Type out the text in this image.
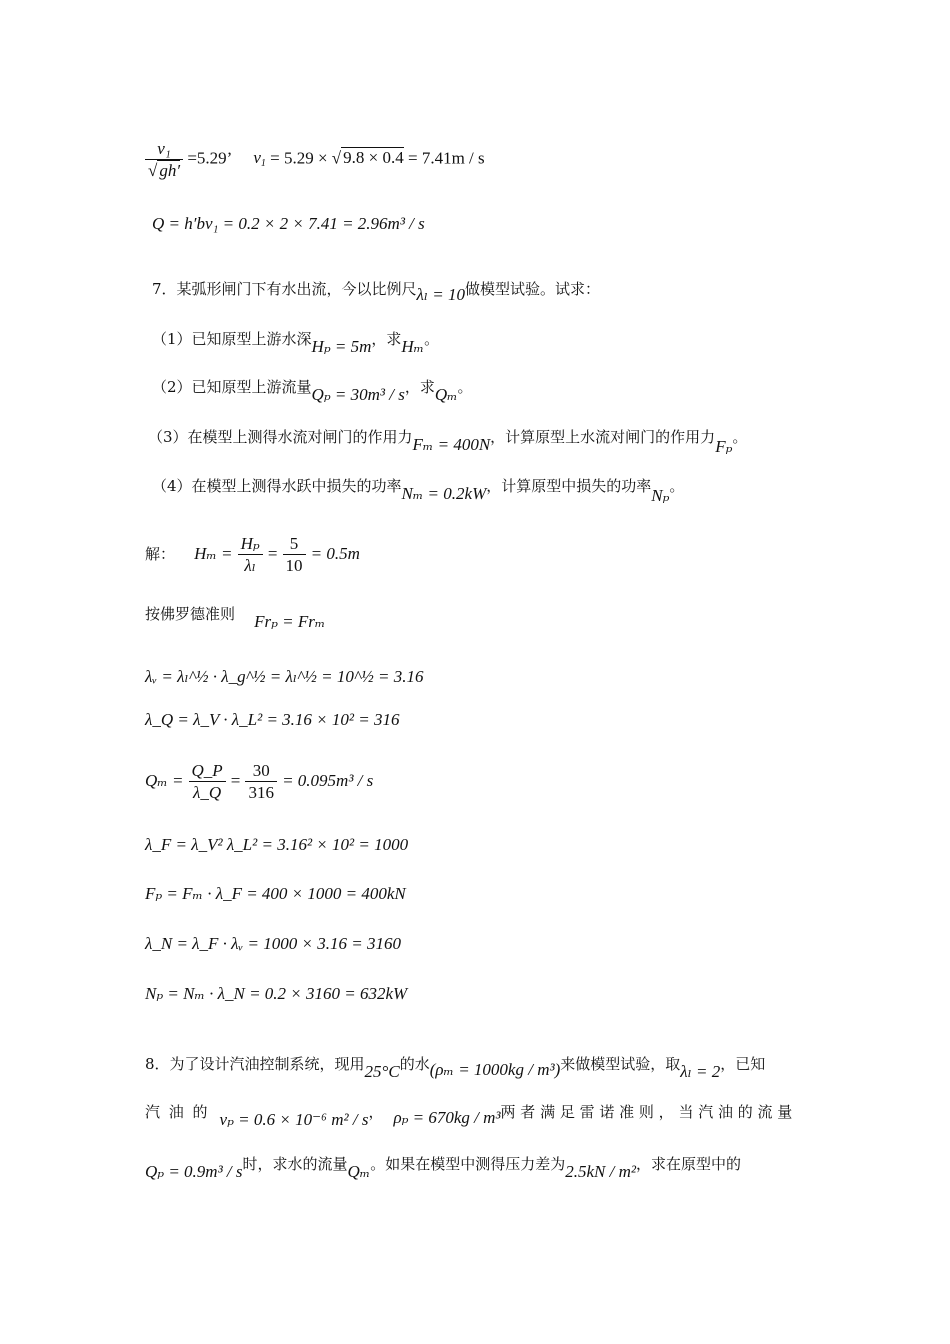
$\frac{\text{v₁}}{√ gh'} =5.29$’ $v_1 = 5.29$ × √ 9.8 × 0.4 = 7.41m / s
Q = h′bv₁ = 0.2 × 2 × 7.41 = 2.96m³ / s
7．某弧形闸门下有水出流，今以比例尺λₗ = 10做模型试验。试求：
（1）已知原型上游水深Hₚ = 5m，求Hₘ。
（2）已知原型上游流量Qₚ = 30m³ / s，求Qₘ。
（3）在模型上测得水流对闸门的作用力Fₘ = 400N，计算原型上水流对闸门的作用力Fₚ。
（4）在模型上测得水跃中损失的功率Nₘ = 0.2kW，计算原型中损失的功率Nₚ。
解： $H_m = \frac{\text{Hₚ}}{\text{λₗ}} = \frac{5}{10} = 0.5m$
按佛罗德准则 Frₚ = Frₘ
λᵥ = λₗ^½ · λ_g^½ = λₗ^½ = 10^½ = 3.16
λ_Q = λ_V · λ_L² = 3.16 × 10² = 316
$Q_m = \frac{Q\_P}{\lambda\_Q} = \frac{30}{316} = 0.095m^3 / s$
λ_F = λ_V² λ_L² = 3.16² × 10² = 1000
Fₚ = Fₘ · λ_F = 400 × 1000 = 400kN
λ_N = λ_F · λᵥ = 1000 × 3.16 = 3160
Nₚ = Nₘ · λ_N = 0.2 × 3160 = 632kW
8．为了设计汽油控制系统，现用25°C的水(ρₘ = 1000kg / m³)来做模型试验，取λₗ = 2，已知
汽 油 的 νₚ = 0.6 × 10⁻⁶ m² / s， ρₚ = 670kg / m³两 者 满 足 雷 诺 准 则 ， 当 汽 油 的 流 量
Qₚ = 0.9m³ / s时，求水的流量Qₘ。如果在模型中测得压力差为2.5kN / m²，求在原型中的
